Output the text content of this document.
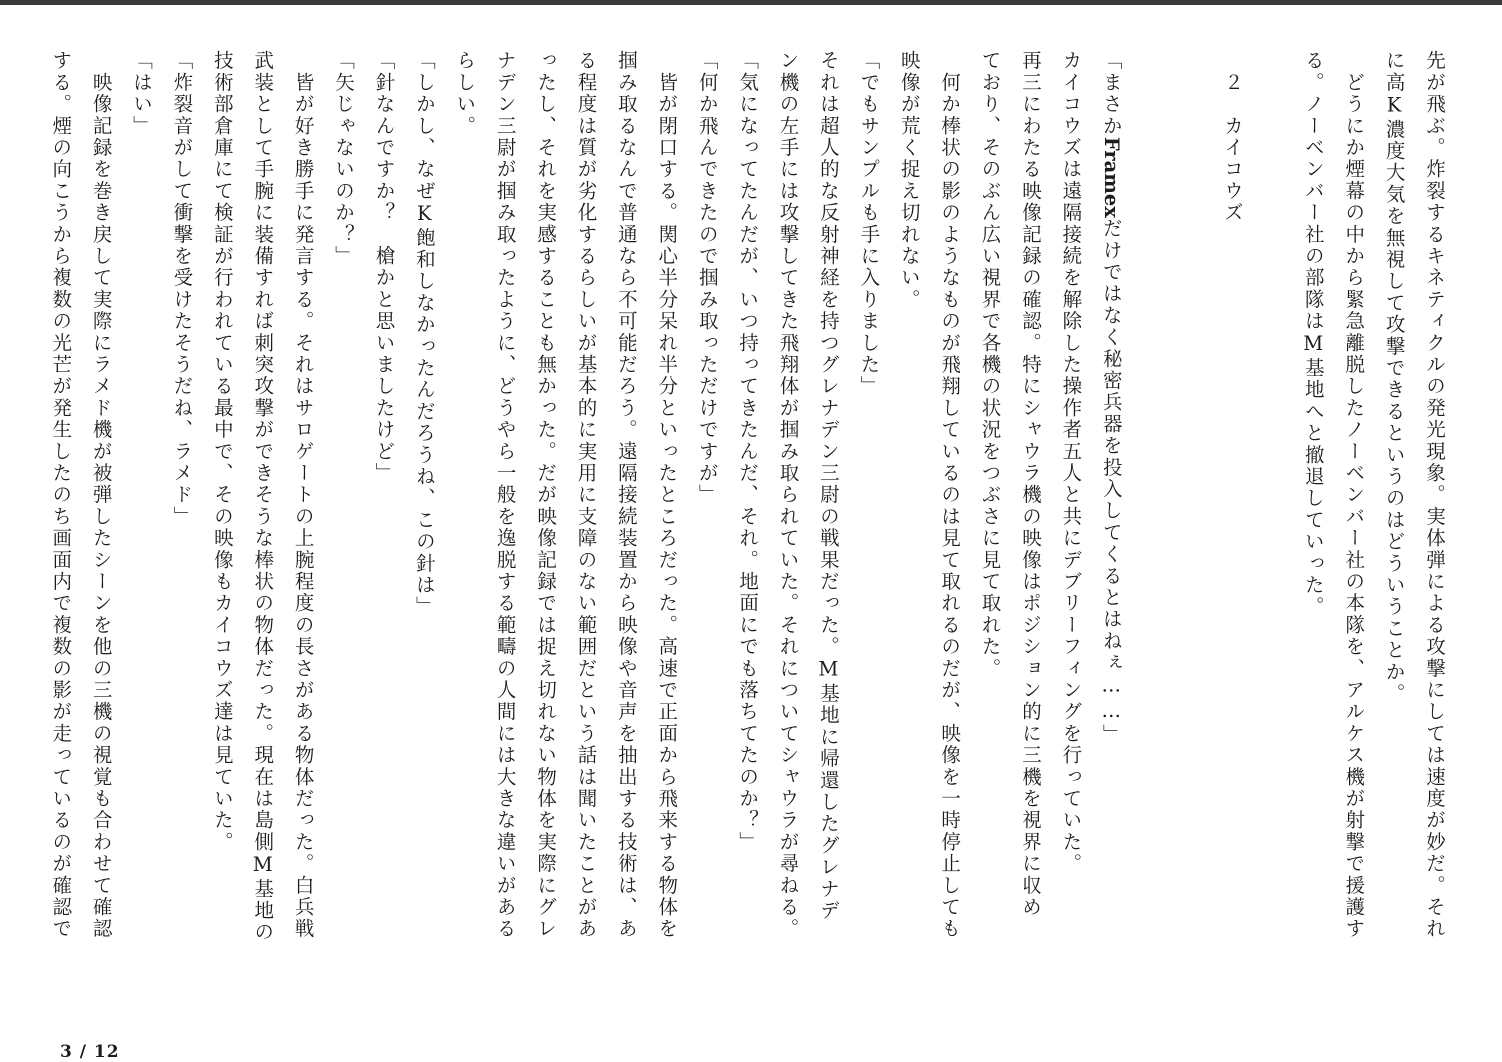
先が飛ぶ。炸裂するキネティクルの発光現象。実体弾による攻撃にしては速度が妙だ。それ

に高K濃度大気を無視して攻撃できるというのはどういうことか。

　どうにか煙幕の中から緊急離脱したノーベンバー社の本隊を、アルケス機が射撃で援護す

る。ノーベンバー社の部隊はM基地へと撤退していった。

　２　カイコウズ

「まさかFramexだけではなく秘密兵器を投入してくるとはねぇ……」

カイコウズは遠隔接続を解除した操作者五人と共にデブリーフィングを行っていた。

再三にわたる映像記録の確認。特にシャウラ機の映像はポジション的に三機を視界に収め

ており、そのぶん広い視界で各機の状況をつぶさに見て取れた。

　何か棒状の影のようなものが飛翔しているのは見て取れるのだが、映像を一時停止しても

映像が荒く捉え切れない。

「でもサンプルも手に入りました」

それは超人的な反射神経を持つグレナデン三尉の戦果だった。M基地に帰還したグレナデ

ン機の左手には攻撃してきた飛翔体が掴み取られていた。それについてシャウラが尋ねる。

「気になってたんだが、いつ持ってきたんだ、それ。地面にでも落ちてたのか？」

「何か飛んできたので掴み取っただけですが」

　皆が閉口する。関心半分呆れ半分といったところだった。高速で正面から飛来する物体を

掴み取るなんで普通なら不可能だろう。遠隔接続装置から映像や音声を抽出する技術は、あ

る程度は質が劣化するらしいが基本的に実用に支障のない範囲だという話は聞いたことがあ

ったし、それを実感することも無かった。だが映像記録では捉え切れない物体を実際にグレ

ナデン三尉が掴み取ったように、どうやら一般を逸脱する範疇の人間には大きな違いがある

らしい。

「しかし、なぜK飽和しなかったんだろうね、この針は」

「針なんですか？　槍かと思いましたけど」

「矢じゃないのか？」

　皆が好き勝手に発言する。それはサロゲートの上腕程度の長さがある物体だった。白兵戦

武装として手腕に装備すれば刺突攻撃ができそうな棒状の物体だった。現在は島側M基地の

技術部倉庫にて検証が行われている最中で、その映像もカイコウズ達は見ていた。

「炸裂音がして衝撃を受けたそうだね、ラメド」

「はい」

　映像記録を巻き戻して実際にラメド機が被弾したシーンを他の三機の視覚も合わせて確認

する。煙の向こうから複数の光芒が発生したのち画面内で複数の影が走っているのが確認で

3 / 12
